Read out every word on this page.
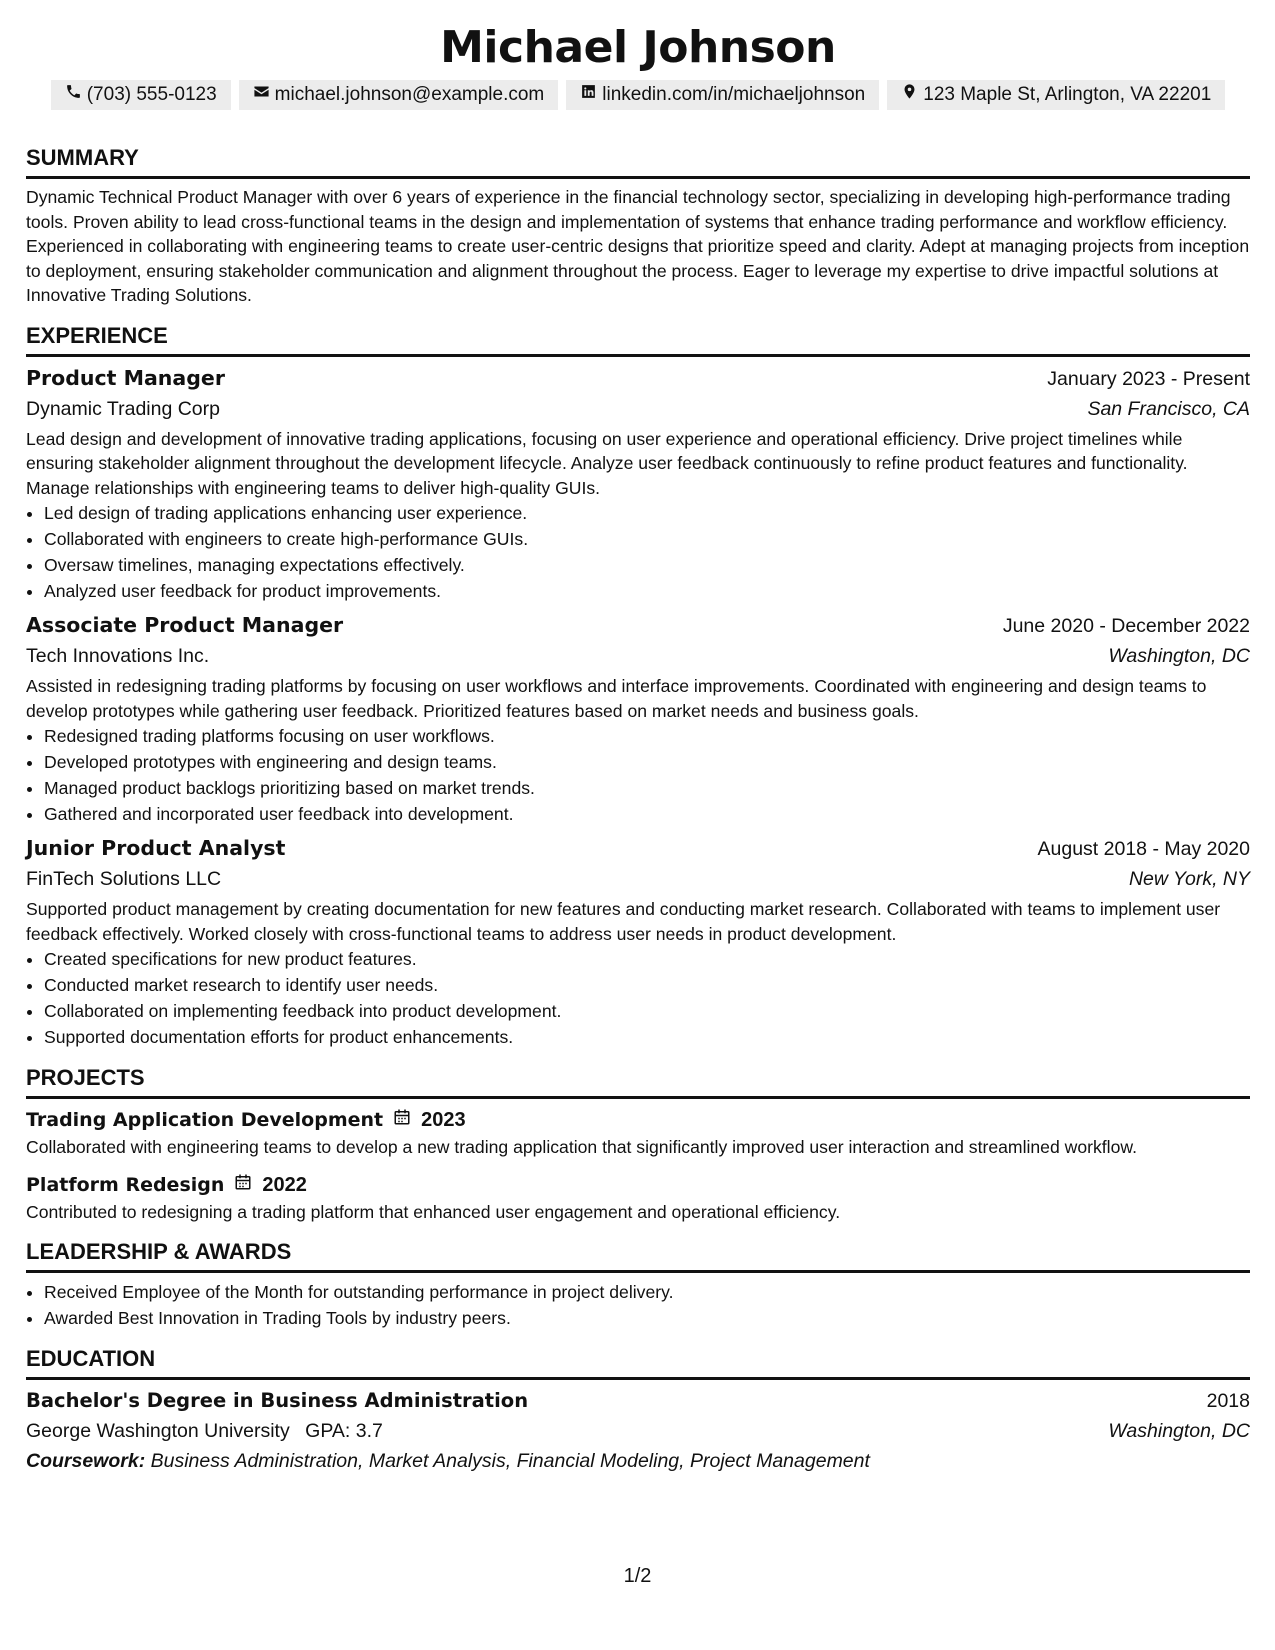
Michael Johnson
(703) 555-0123	michael.johnson@example.com	linkedin.com/in/michaeljohnson	123 Maple St, Arlington, VA 22201
SUMMARY
Dynamic Technical Product Manager with over 6 years of experience in the financial technology sector, specializing in developing high-performance trading tools. Proven ability to lead cross-functional teams in the design and implementation of systems that enhance trading performance and workflow efficiency. Experienced in collaborating with engineering teams to create user-centric designs that prioritize speed and clarity. Adept at managing projects from inception to deployment, ensuring stakeholder communication and alignment throughout the process. Eager to leverage my expertise to drive impactful solutions at Innovative Trading Solutions.
EXPERIENCE
Product Manager	January 2023 - Present
Dynamic Trading Corp	San Francisco, CA
Lead design and development of innovative trading applications, focusing on user experience and operational efficiency. Drive project timelines while ensuring stakeholder alignment throughout the development lifecycle. Analyze user feedback continuously to refine product features and functionality. Manage relationships with engineering teams to deliver high-quality GUIs.
• Led design of trading applications enhancing user experience.
• Collaborated with engineers to create high-performance GUIs.
• Oversaw timelines, managing expectations effectively.
• Analyzed user feedback for product improvements.
Associate Product Manager	June 2020 - December 2022
Tech Innovations Inc.	Washington, DC
Assisted in redesigning trading platforms by focusing on user workflows and interface improvements. Coordinated with engineering and design teams to develop prototypes while gathering user feedback. Prioritized features based on market needs and business goals.
• Redesigned trading platforms focusing on user workflows.
• Developed prototypes with engineering and design teams.
• Managed product backlogs prioritizing based on market trends.
• Gathered and incorporated user feedback into development.
Junior Product Analyst	August 2018 - May 2020
FinTech Solutions LLC	New York, NY
Supported product management by creating documentation for new features and conducting market research. Collaborated with teams to implement user feedback effectively. Worked closely with cross-functional teams to address user needs in product development.
• Created specifications for new product features.
• Conducted market research to identify user needs.
• Collaborated on implementing feedback into product development.
• Supported documentation efforts for product enhancements.
PROJECTS
Trading Application Development 2023
Collaborated with engineering teams to develop a new trading application that significantly improved user interaction and streamlined workflow.
Platform Redesign 2022
Contributed to redesigning a trading platform that enhanced user engagement and operational efficiency.
LEADERSHIP & AWARDS
• Received Employee of the Month for outstanding performance in project delivery.
• Awarded Best Innovation in Trading Tools by industry peers.
EDUCATION
Bachelor's Degree in Business Administration	2018
George Washington University GPA: 3.7	Washington, DC
Coursework: Business Administration, Market Analysis, Financial Modeling, Project Management
1/2
